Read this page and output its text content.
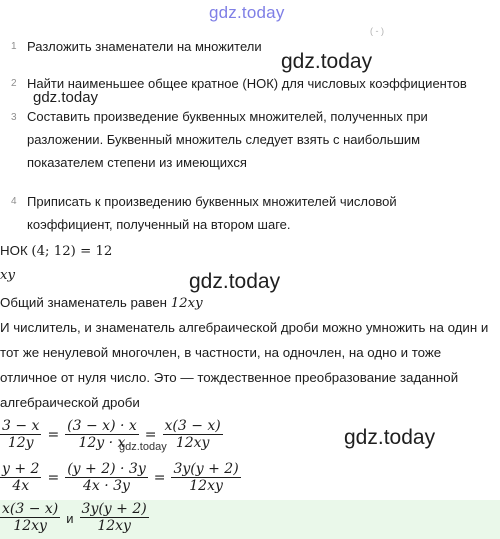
gdz.today
( - )
1 Разложить знаменатели на множители
gdz.today
2 Найти наименьшее общее кратное (НОК) для числовых коэффициентов
gdz.today
3 Составить произведение буквенных множителей, полученных при
разложении. Буквенный множитель следует взять с наибольшим
показателем степени из имеющихся
4 Приписать к произведению буквенных множителей числовой
коэффициент, полученный на втором шаге.
НОК (4; 12) = 12
xy	gdz.today
Общий знаменатель равен 12xy
И числитель, и знаменатель алгебраической дроби можно умножить на один и
тот же ненулевой многочлен, в частности, на одночлен, на одно и тоже
отличное от нуля число. Это — тождественное преобразование заданной
алгебраической дроби
gdz.today
$\frac{3 - x}{12y} = \frac{(3 - x) \cdot x}{12y \cdot x} = \frac{x(3 - x)}{12xy}$
gdz.today
$\frac{y + 2}{4x} = \frac{(y + 2) \cdot 3y}{4x \cdot 3y} = \frac{3y(y + 2)}{12xy}$
$\frac{x(3 - x)}{12xy}$ и $\frac{3y(y + 2)}{12xy}$
